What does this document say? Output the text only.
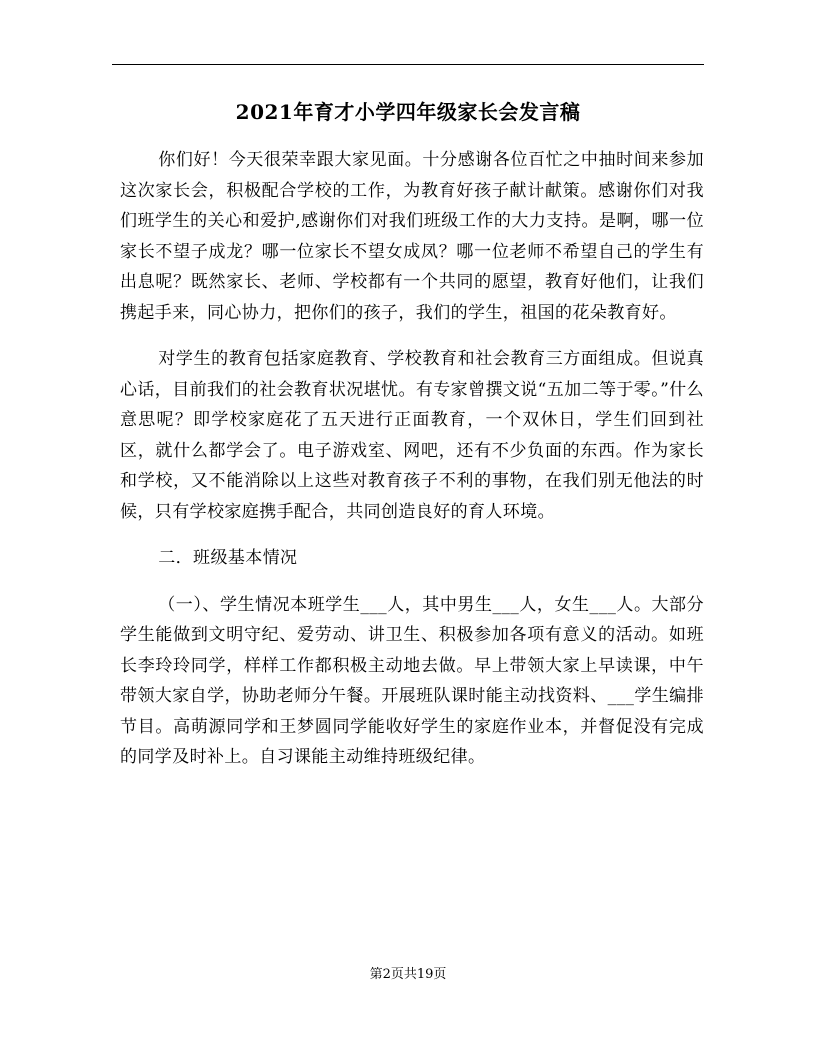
2021年育才小学四年级家长会发言稿

你们好！今天很荣幸跟大家见面。十分感谢各位百忙之中抽时间来参加这次家长会，积极配合学校的工作，为教育好孩子献计献策。感谢你们对我们班学生的关心和爱护,感谢你们对我们班级工作的大力支持。是啊，哪一位家长不望子成龙？哪一位家长不望女成凤？哪一位老师不希望自己的学生有出息呢？既然家长、老师、学校都有一个共同的愿望，教育好他们，让我们携起手来，同心协力，把你们的孩子，我们的学生，祖国的花朵教育好。

对学生的教育包括家庭教育、学校教育和社会教育三方面组成。但说真心话，目前我们的社会教育状况堪忧。有专家曾撰文说“五加二等于零。”什么意思呢？即学校家庭花了五天进行正面教育，一个双休日，学生们回到社区，就什么都学会了。电子游戏室、网吧，还有不少负面的东西。作为家长和学校，又不能消除以上这些对教育孩子不利的事物，在我们别无他法的时候，只有学校家庭携手配合，共同创造良好的育人环境。

二．班级基本情况

（一）、学生情况本班学生___人，其中男生___人，女生___人。大部分学生能做到文明守纪、爱劳动、讲卫生、积极参加各项有意义的活动。如班长李玲玲同学，样样工作都积极主动地去做。早上带领大家上早读课，中午带领大家自学，协助老师分午餐。开展班队课时能主动找资料、___学生编排节目。高萌源同学和王梦圆同学能收好学生的家庭作业本，并督促没有完成的同学及时补上。自习课能主动维持班级纪律。

第2页共19页
